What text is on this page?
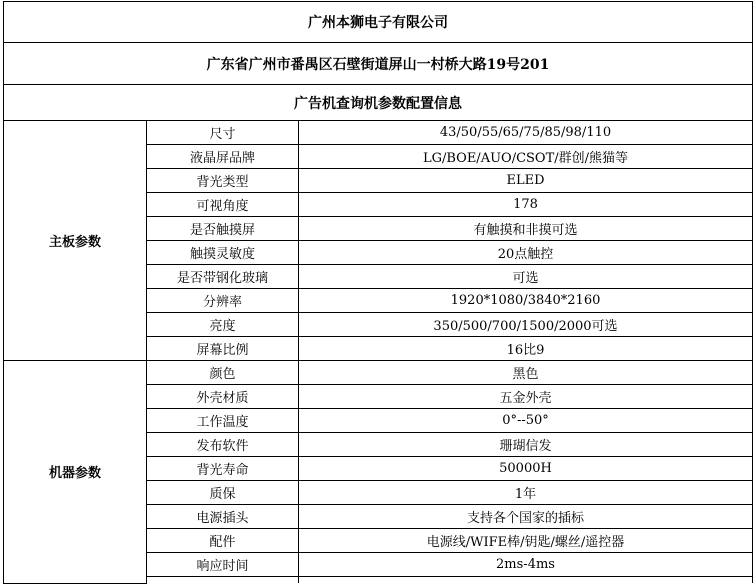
广州本狮电子有限公司		
广东省广州市番禺区石壁街道屏山一村桥大路19号201		
广告机查询机参数配置信息		
主板参数	尺寸	43/50/55/65/75/85/98/110
	液晶屏品牌	LG/BOE/AUO/CSOT/群创/熊猫等
	背光类型	ELED
	可视角度	178
	是否触摸屏	有触摸和非摸可选
	触摸灵敏度	20点触控
	是否带钢化玻璃	可选
	分辨率	1920*1080/3840*2160
	亮度	350/500/700/1500/2000可选
	屏幕比例	16比9
机器参数	颜色	黑色
	外壳材质	五金外壳
	工作温度	0°--50°
	发布软件	珊瑚信发
	背光寿命	50000H
	质保	1年
	电源插头	支持各个国家的插标
	配件	电源线/WIFE棒/钥匙/螺丝/遥控器
	响应时间	2ms-4ms
